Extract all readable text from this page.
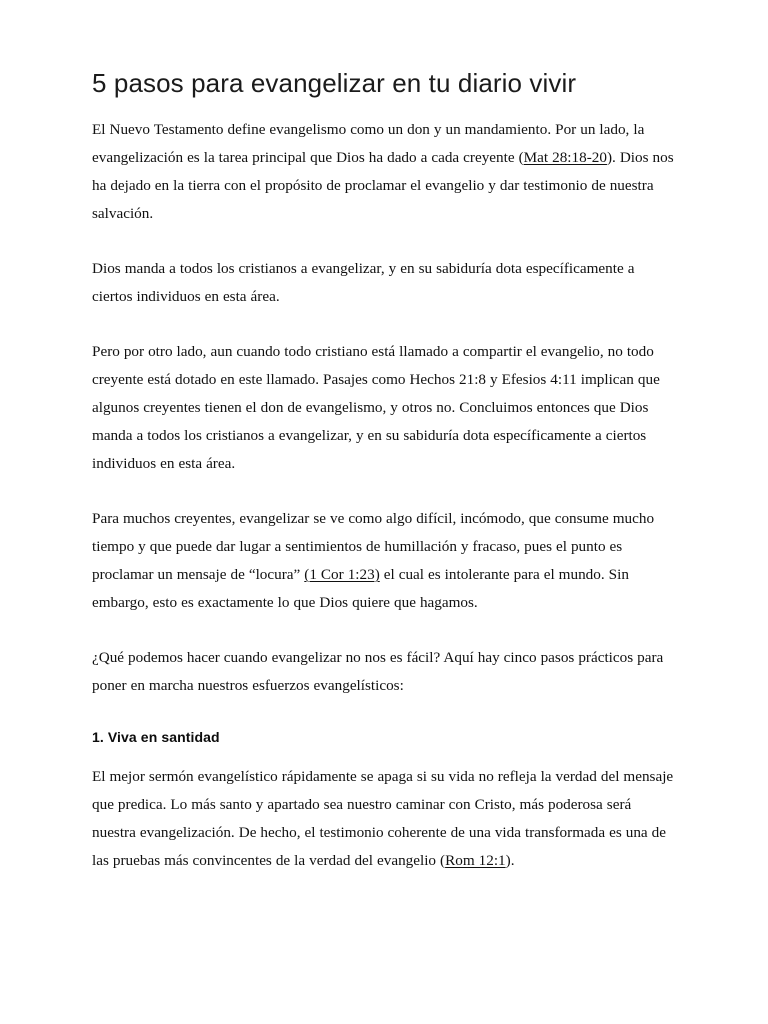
5 pasos para evangelizar en tu diario vivir

El Nuevo Testamento define evangelismo como un don y un mandamiento. Por un lado, la evangelización es la tarea principal que Dios ha dado a cada creyente (Mat 28:18-20). Dios nos ha dejado en la tierra con el propósito de proclamar el evangelio y dar testimonio de nuestra salvación.

Dios manda a todos los cristianos a evangelizar, y en su sabiduría dota específicamente a ciertos individuos en esta área.

Pero por otro lado, aun cuando todo cristiano está llamado a compartir el evangelio, no todo creyente está dotado en este llamado. Pasajes como Hechos 21:8 y Efesios 4:11 implican que algunos creyentes tienen el don de evangelismo, y otros no. Concluimos entonces que Dios manda a todos los cristianos a evangelizar, y en su sabiduría dota específicamente a ciertos individuos en esta área.

Para muchos creyentes, evangelizar se ve como algo difícil, incómodo, que consume mucho tiempo y que puede dar lugar a sentimientos de humillación y fracaso, pues el punto es proclamar un mensaje de “locura” (1 Cor 1:23) el cual es intolerante para el mundo. Sin embargo, esto es exactamente lo que Dios quiere que hagamos.

¿Qué podemos hacer cuando evangelizar no nos es fácil? Aquí hay cinco pasos prácticos para poner en marcha nuestros esfuerzos evangelísticos:

1. Viva en santidad

El mejor sermón evangelístico rápidamente se apaga si su vida no refleja la verdad del mensaje que predica. Lo más santo y apartado sea nuestro caminar con Cristo, más poderosa será nuestra evangelización. De hecho, el testimonio coherente de una vida transformada es una de las pruebas más convincentes de la verdad del evangelio (Rom 12:1).
